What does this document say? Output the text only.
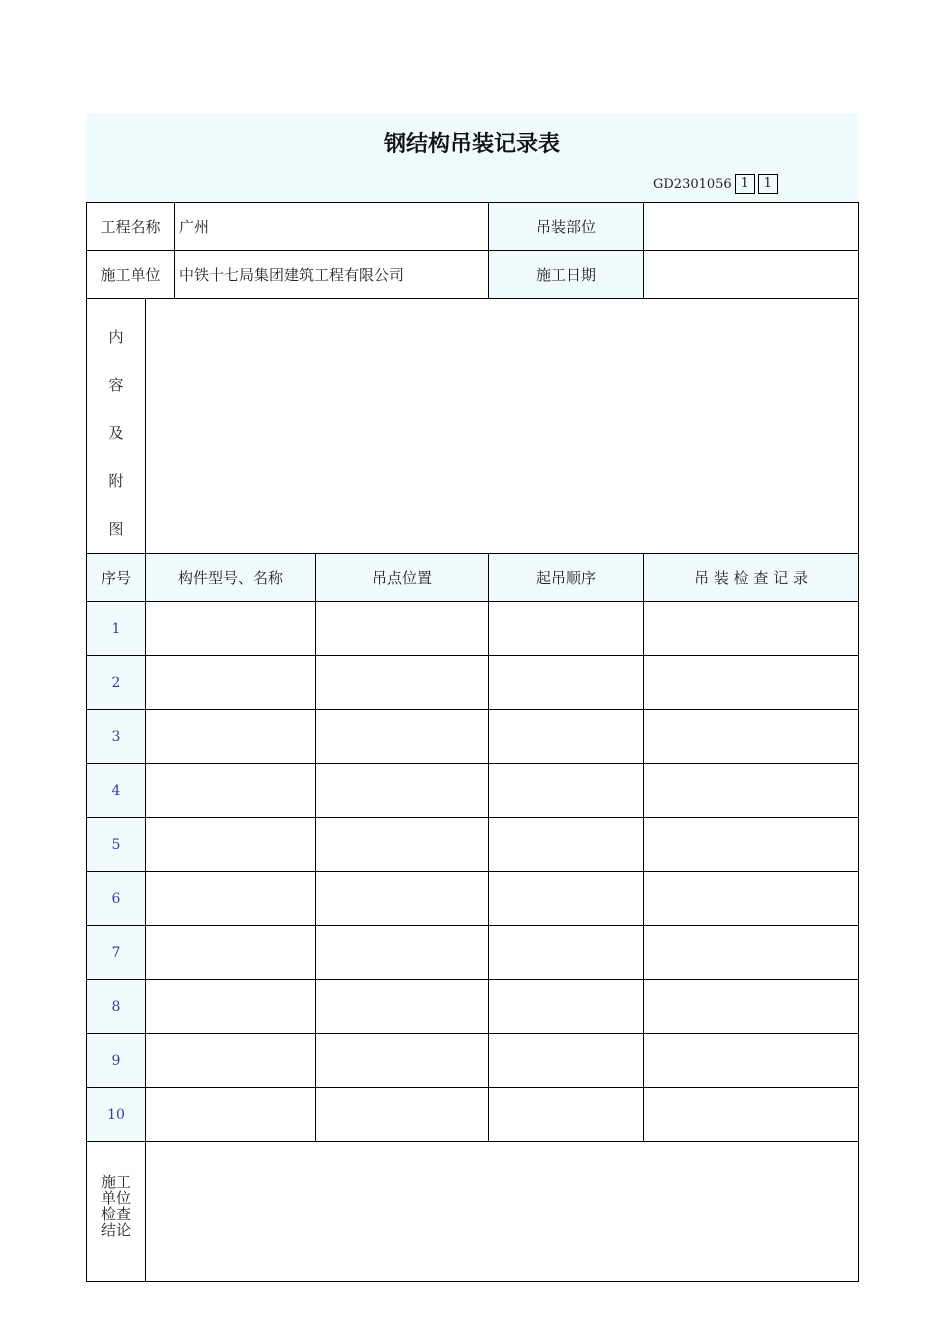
钢结构吊装记录表
GD2301056 1	1
工程名称		广州		吊装部位	
施工单位		中铁十七局集团建筑工程有限公司		施工日期	

内
容
及
附
图					

序号	构件型号、名称		吊点位置	起吊顺序	吊 装 检 查 记 录
1					
2					
3					
4					
5					
6					
7					
8					
9					
10					

施工
单位
检查
结论					
